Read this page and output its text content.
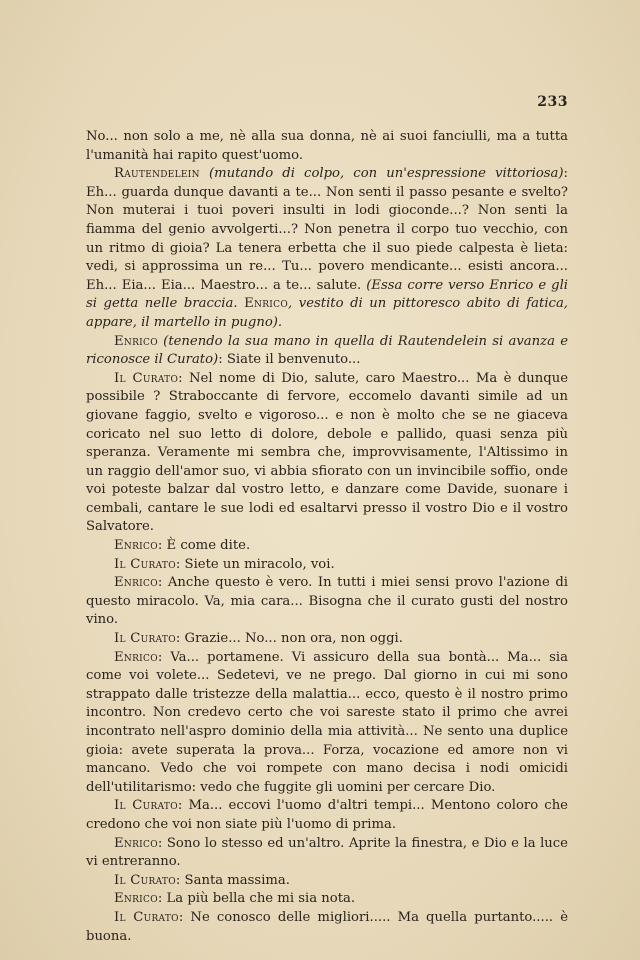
233

No... non solo a me, nè alla sua donna, nè ai suoi fanciulli, ma a tutta l'umanità hai rapito quest'uomo.

Rautendelein (mutando di colpo, con un'espressione vittoriosa): Eh... guarda dunque davanti a te... Non senti il passo pesante e svelto? Non muterai i tuoi poveri insulti in lodi gioconde...? Non senti la fiamma del genio avvolgerti...? Non penetra il corpo tuo vecchio, con un ritmo di gioia? La tenera erbetta che il suo piede calpesta è lieta: vedi, si approssima un re... Tu... povero mendicante... esisti ancora... Eh... Eia... Eia... Maestro... a te... salute. (Essa corre verso Enrico e gli si getta nelle braccia. Enrico, vestito di un pittoresco abito di fatica, appare, il martello in pugno).

Enrico (tenendo la sua mano in quella di Rautendelein si avanza e riconosce il Curato): Siate il benvenuto...

Il Curato: Nel nome di Dio, salute, caro Maestro... Ma è dunque possibile ? Straboccante di fervore, eccomelo davanti simile ad un giovane faggio, svelto e vigoroso... e non è molto che se ne giaceva coricato nel suo letto di dolore, debole e pallido, quasi senza più speranza. Veramente mi sembra che, improvvisamente, l'Altissimo in un raggio dell'amor suo, vi abbia sfiorato con un invincibile soffio, onde voi poteste balzar dal vostro letto, e danzare come Davide, suonare i cembali, cantare le sue lodi ed esaltarvi presso il vostro Dio e il vostro Salvatore.

Enrico: È come dite.

Il Curato: Siete un miracolo, voi.

Enrico: Anche questo è vero. In tutti i miei sensi provo l'azione di questo miracolo. Va, mia cara... Bisogna che il curato gusti del nostro vino.

Il Curato: Grazie... No... non ora, non oggi.

Enrico: Va... portamene. Vi assicuro della sua bontà... Ma... sia come voi volete... Sedetevi, ve ne prego. Dal giorno in cui mi sono strappato dalle tristezze della malattia... ecco, questo è il nostro primo incontro. Non credevo certo che voi sareste stato il primo che avrei incontrato nell'aspro dominio della mia attività... Ne sento una duplice gioia: avete superata la prova... Forza, vocazione ed amore non vi mancano. Vedo che voi rompete con mano decisa i nodi omicidi dell'utilitarismo: vedo che fuggite gli uomini per cercare Dio.

Il Curato: Ma... eccovi l'uomo d'altri tempi... Mentono coloro che credono che voi non siate più l'uomo di prima.

Enrico: Sono lo stesso ed un'altro. Aprite la finestra, e Dio e la luce vi entreranno.

Il Curato: Santa massima.

Enrico: La più bella che mi sia nota.

Il Curato: Ne conosco delle migliori..... Ma quella purtanto..... è buona.
